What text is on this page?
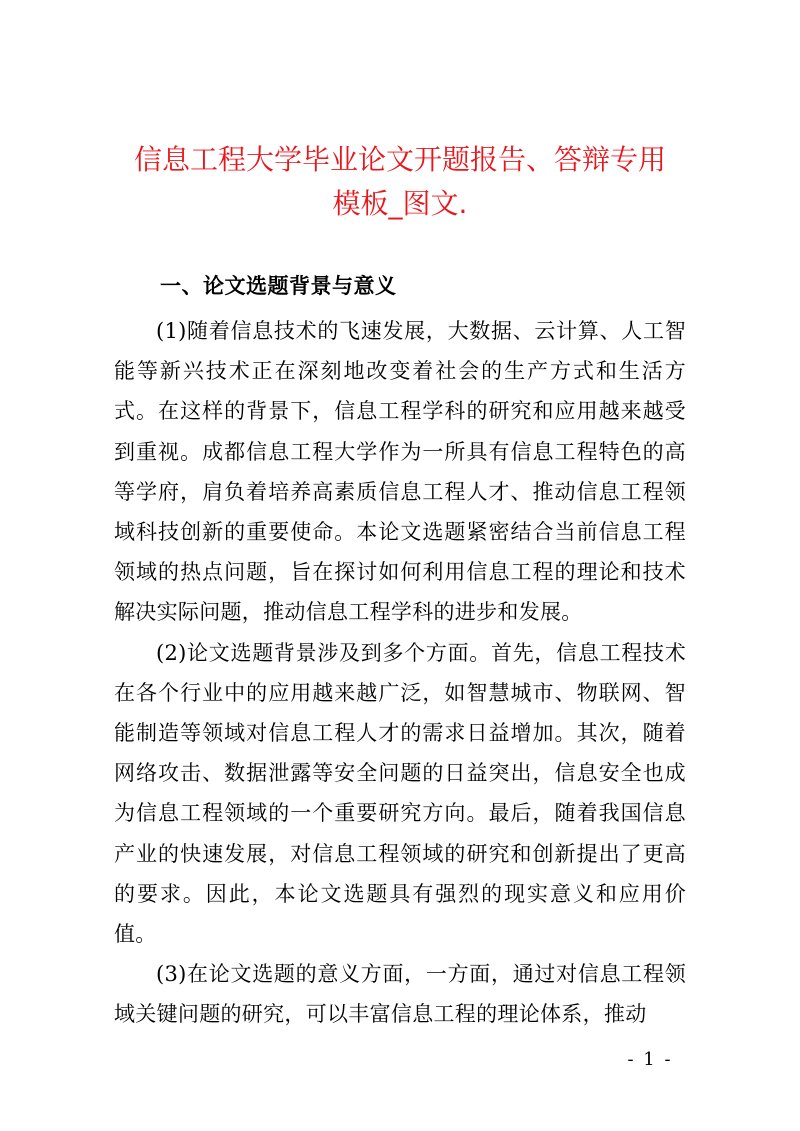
信息工程大学毕业论文开题报告、答辩专用
模板_图文.
一、论文选题背景与意义

(1)随着信息技术的飞速发展，大数据、云计算、人工智能等新兴技术正在深刻地改变着社会的生产方式和生活方式。在这样的背景下，信息工程学科的研究和应用越来越受到重视。成都信息工程大学作为一所具有信息工程特色的高等学府，肩负着培养高素质信息工程人才、推动信息工程领域科技创新的重要使命。本论文选题紧密结合当前信息工程领域的热点问题，旨在探讨如何利用信息工程的理论和技术解决实际问题，推动信息工程学科的进步和发展。

(2)论文选题背景涉及到多个方面。首先，信息工程技术在各个行业中的应用越来越广泛，如智慧城市、物联网、智能制造等领域对信息工程人才的需求日益增加。其次，随着网络攻击、数据泄露等安全问题的日益突出，信息安全也成为信息工程领域的一个重要研究方向。最后，随着我国信息产业的快速发展，对信息工程领域的研究和创新提出了更高的要求。因此，本论文选题具有强烈的现实意义和应用价值。

(3)在论文选题的意义方面，一方面，通过对信息工程领域关键问题的研究，可以丰富信息工程的理论体系，推动

- 1 -
